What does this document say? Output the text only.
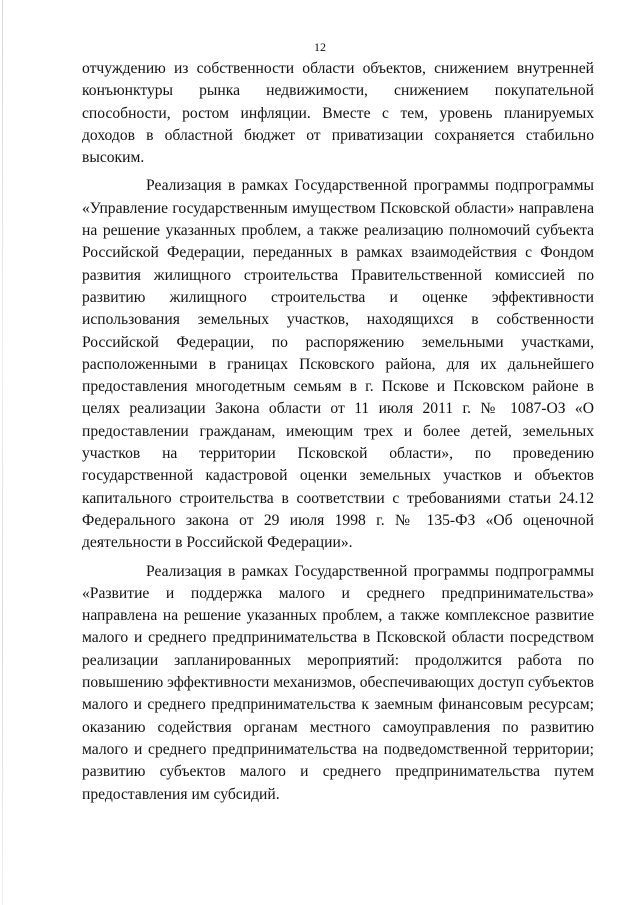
12

отчуждению из собственности области объектов, снижением внутренней конъюнктуры рынка недвижимости, снижением покупательной способности, ростом инфляции. Вместе с тем, уровень планируемых доходов в областной бюджет от приватизации сохраняется стабильно высоким.

Реализация в рамках Государственной программы подпрограммы «Управление государственным имуществом Псковской области» направлена на решение указанных проблем, а также реализацию полномочий субъекта Российской Федерации, переданных в рамках взаимодействия с Фондом развития жилищного строительства Правительственной комиссией по развитию жилищного строительства и оценке эффективности использования земельных участков, находящихся в собственности Российской Федерации, по распоряжению земельными участками, расположенными в границах Псковского района, для их дальнейшего предоставления многодетным семьям в г. Пскове и Псковском районе в целях реализации Закона области от 11 июля 2011 г. № 1087-ОЗ «О предоставлении гражданам, имеющим трех и более детей, земельных участков на территории Псковской области», по проведению государственной кадастровой оценки земельных участков и объектов капитального строительства в соответствии с требованиями статьи 24.12 Федерального закона от 29 июля 1998 г. № 135-ФЗ «Об оценочной деятельности в Российской Федерации».

Реализация в рамках Государственной программы подпрограммы «Развитие и поддержка малого и среднего предпринимательства» направлена на решение указанных проблем, а также комплексное развитие малого и среднего предпринимательства в Псковской области посредством реализации запланированных мероприятий: продолжится работа по повышению эффективности механизмов, обеспечивающих доступ субъектов малого и среднего предпринимательства к заемным финансовым ресурсам; оказанию содействия органам местного самоуправления по развитию малого и среднего предпринимательства на подведомственной территории; развитию субъектов малого и среднего предпринимательства путем предоставления им субсидий.
